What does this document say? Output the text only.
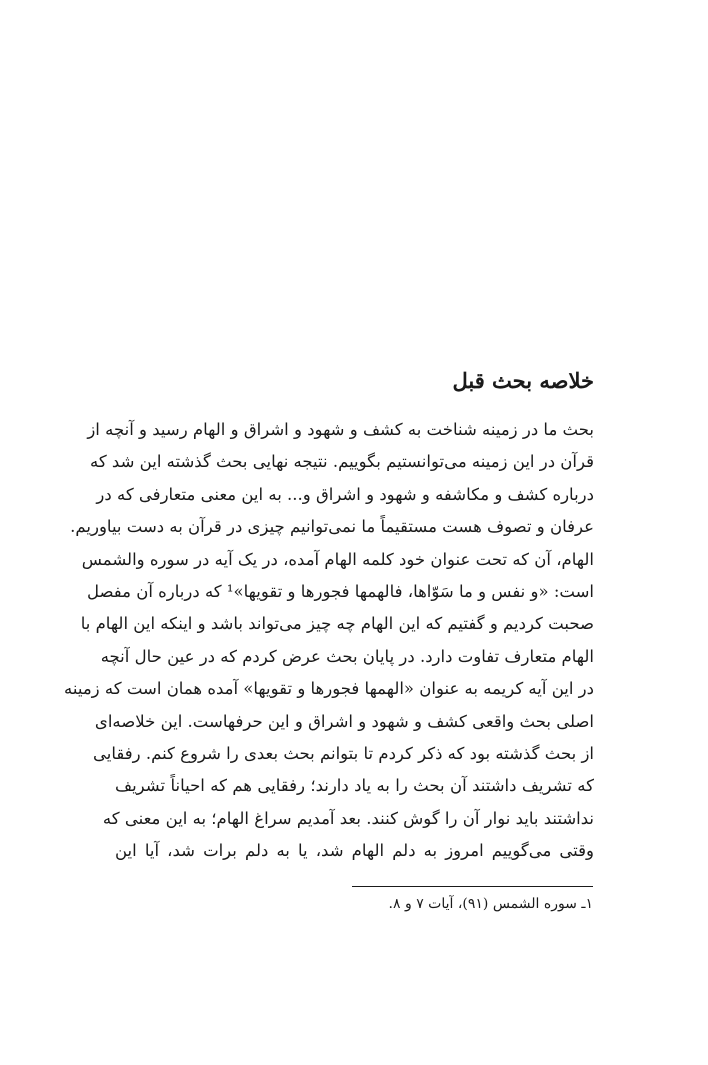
خلاصه بحث قبل
بحث ما در زمینه شناخت به کشف و شهود و اشراق و الهام رسید و آنچه از
قرآن در این زمینه می‌توانستیم بگوییم. نتیجه نهایی بحث گذشته این شد که
درباره کشف و مکاشفه و شهود و اشراق و... به این معنی متعارفی که در
عرفان و تصوف هست مستقیماً ما نمی‌توانیم چیزی در قرآن به دست بیاوریم.
الهام، آن که تحت عنوان خود کلمه الهام آمده، در یک آیه در سوره والشمس
است: «و نفس و ما سَوّاها، فالهمها فجورها و تقویها»¹ که درباره آن مفصل
صحبت کردیم و گفتیم که این الهام چه چیز می‌تواند باشد و اینکه این الهام با
الهام متعارف تفاوت دارد. در پایان بحث عرض کردم که در عین حال آنچه
در این آیه کریمه به عنوان «الهمها فجورها و تقویها» آمده همان است که زمینه
اصلی بحث واقعی کشف و شهود و اشراق و این حرفهاست. این خلاصه‌ای
از بحث گذشته بود که ذکر کردم تا بتوانم بحث بعدی را شروع کنم. رفقایی
که تشریف داشتند آن بحث را به یاد دارند؛ رفقایی هم که احیاناً تشریف
نداشتند باید نوار آن را گوش کنند. بعد آمدیم سراغ الهام؛ به این معنی که
وقتی می‌گوییم امروز به دلم الهام شد، یا به دلم برات شد، آیا این
۱ـ سوره الشمس (۹۱)، آیات ۷ و ۸.
